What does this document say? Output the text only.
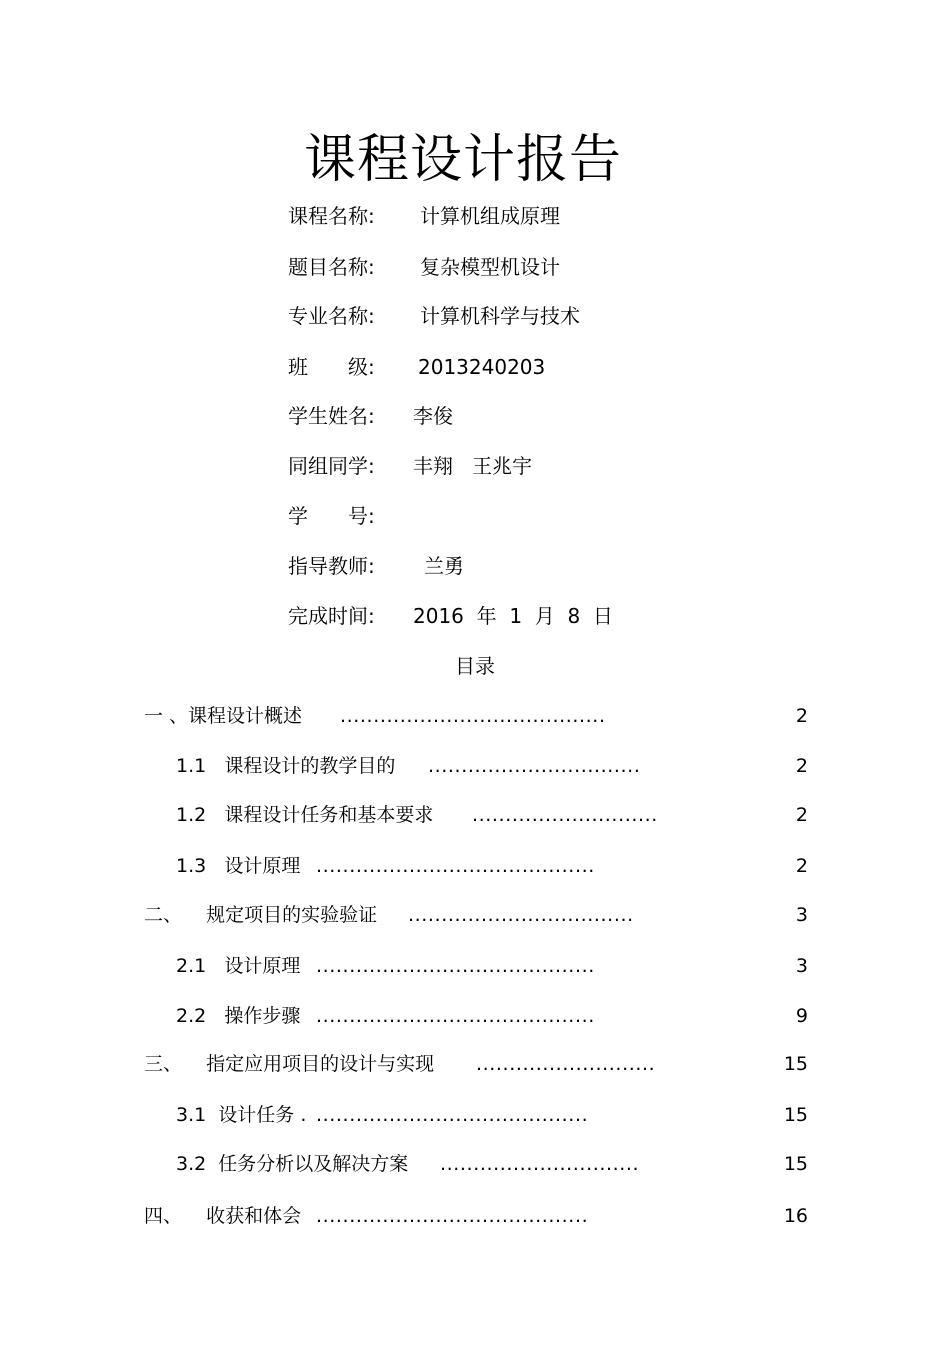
课程设计报告
课程名称: 计算机组成原理
题目名称: 复杂模型机设计
专业名称: 计算机科学与技术
班　　级: 2013240203
学生姓名: 李俊
同组同学: 丰翔   王兆宇
学　　号:
指导教师: 兰勇
完成时间: 2016  年  1  月  8  日
目录
一 、课程设计概述 ........................................	2
1.1   课程设计的教学目的 ................................	2
1.2   课程设计任务和基本要求 ............................	2
1.3   设计原理 ..........................................	2
二、    规定项目的实验验证 ..................................	3
2.1   设计原理 ..........................................	3
2.2   操作步骤 ..........................................	9
三、    指定应用项目的设计与实现 ...........................	15
3.1  设计任务 . .........................................	15
3.2  任务分析以及解决方案 ..............................	15
四、    收获和体会 .........................................	16
